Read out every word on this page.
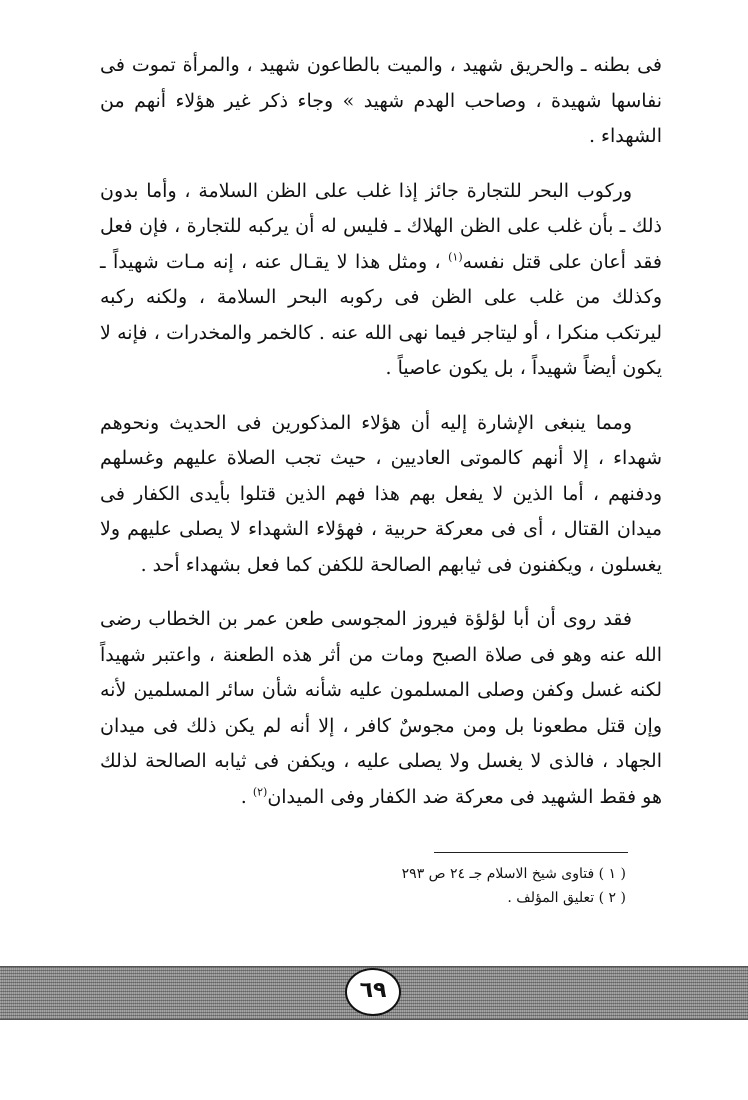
فى بطنه ـ والحريق شهيد ، والميت بالطاعون شهيد ، والمرأة تموت فى نفاسها شهيدة ، وصاحب الهدم شهيد » وجاء ذكر غير هؤلاء أنهم من الشهداء .

وركوب البحر للتجارة جائز إذا غلب على الظن السلامة ، وأما بدون ذلك ـ بأن غلب على الظن الهلاك ـ فليس له أن يركبه للتجارة ، فإن فعل فقد أعان على قتل نفسه$^{(١)}$ ، ومثل هذا لا يقـال عنه ، إنه مـات شهيداً ـ وكذلك من غلب على الظن فى ركوبه البحر السلامة ، ولكنه ركبه ليرتكب منكرا ، أو ليتاجر فيما نهى الله عنه . كالخمر والمخدرات ، فإنه لا يكون أيضاً شهيداً ، بل يكون عاصياً .

ومما ينبغى الإشارة إليه أن هؤلاء المذكورين فى الحديث ونحوهم شهداء ، إلا أنهم كالموتى العاديين ، حيث تجب الصلاة عليهم وغسلهم ودفنهم ، أما الذين لا يفعل بهم هذا فهم الذين قتلوا بأيدى الكفار فى ميدان القتال ، أى فى معركة حربية ، فهؤلاء الشهداء لا يصلى عليهم ولا يغسلون ، ويكفنون فى ثيابهم الصالحة للكفن كما فعل بشهداء أحد .

فقد روى أن أبا لؤلؤة فيروز المجوسى طعن عمر بن الخطاب رضى الله عنه وهو فى صلاة الصبح ومات من أثر هذه الطعنة ، واعتبر شهيداً لكنه غسل وكفن وصلى المسلمون عليه شأنه شأن سائر المسلمين لأنه وإن قتل مطعونا بل ومن مجوسٌ كافر ، إلا أنه لم يكن ذلك فى ميدان الجهاد ، فالذى لا يغسل ولا يصلى عليه ، ويكفن فى ثيابه الصالحة لذلك هو فقط الشهيد فى معركة ضد الكفار وفى الميدان$^{(٢)}$ .

( ١ ) فتاوى شيخ الاسلام جـ ٢٤ ص ٢٩٣
( ٢ ) تعليق المؤلف .
٦٩
